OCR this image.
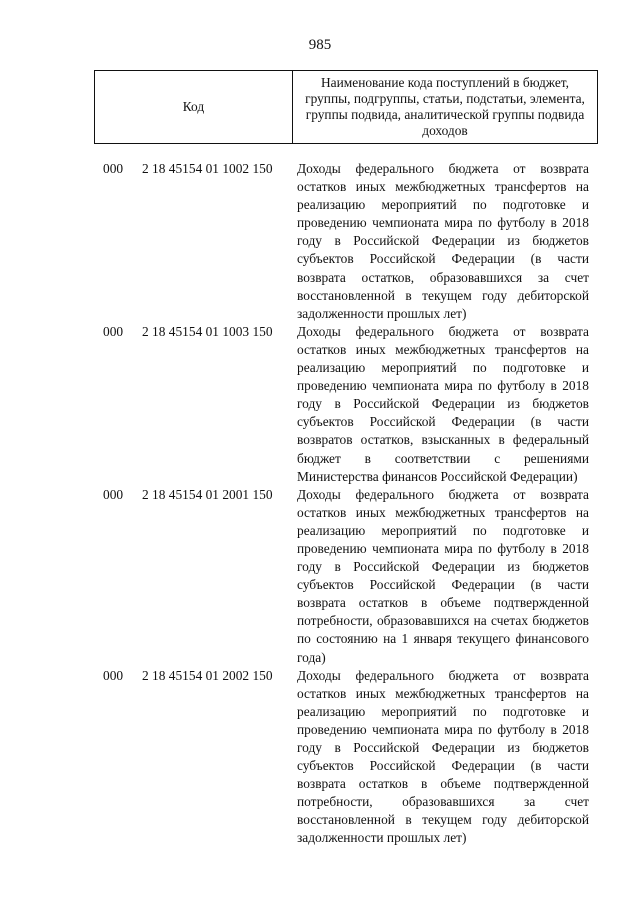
985
Код	Наименование кода поступлений в бюджет, группы, подгруппы, статьи, подстатьи, элемента, группы подвида, аналитической группы подвида доходов
000 2 18 45154 01 1002 150 Доходы федерального бюджета от возврата остатков иных межбюджетных трансфертов на реализацию мероприятий по подготовке и проведению чемпионата мира по футболу в 2018 году в Российской Федерации из бюджетов субъектов Российской Федерации (в части возврата остатков, образовавшихся за счет восстановленной в текущем году дебиторской задолженности прошлых лет)
000 2 18 45154 01 1003 150 Доходы федерального бюджета от возврата остатков иных межбюджетных трансфертов на реализацию мероприятий по подготовке и проведению чемпионата мира по футболу в 2018 году в Российской Федерации из бюджетов субъектов Российской Федерации (в части возвратов остатков, взысканных в федеральный бюджет в соответствии с решениями Министерства финансов Российской Федерации)
000 2 18 45154 01 2001 150 Доходы федерального бюджета от возврата остатков иных межбюджетных трансфертов на реализацию мероприятий по подготовке и проведению чемпионата мира по футболу в 2018 году в Российской Федерации из бюджетов субъектов Российской Федерации (в части возврата остатков в объеме подтвержденной потребности, образовавшихся на счетах бюджетов по состоянию на 1 января текущего финансового года)
000 2 18 45154 01 2002 150 Доходы федерального бюджета от возврата остатков иных межбюджетных трансфертов на реализацию мероприятий по подготовке и проведению чемпионата мира по футболу в 2018 году в Российской Федерации из бюджетов субъектов Российской Федерации (в части возврата остатков в объеме подтвержденной потребности, образовавшихся за счет восстановленной в текущем году дебиторской задолженности прошлых лет)
